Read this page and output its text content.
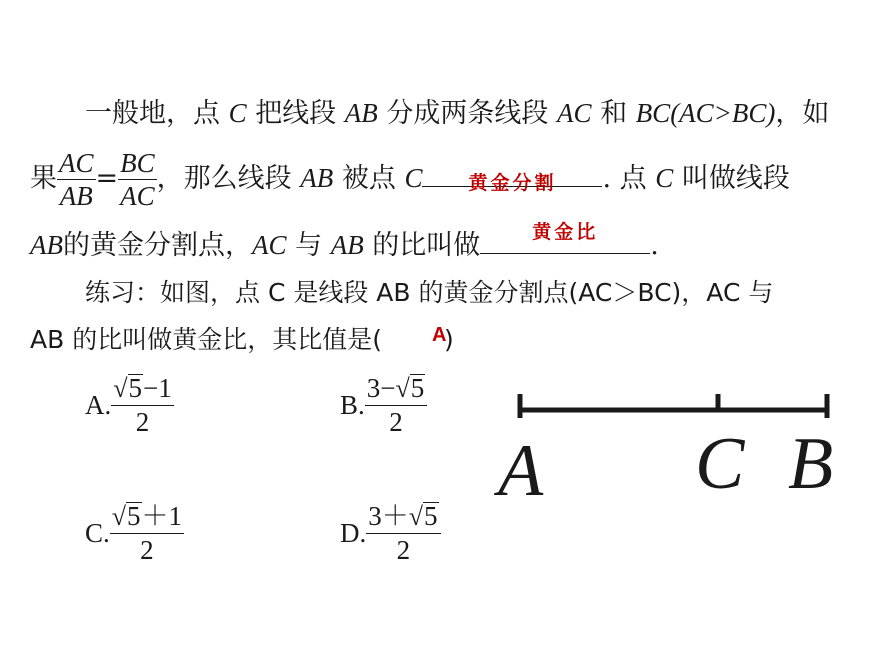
一般地，点 C 把线段 AB 分成两条线段 AC 和 BC(AC>BC)，如
果 $\frac{AC}{AB} = \frac{BC}{AC}$ ，那么线段 AB 被点 C	黄金分割	. 点 C 叫做线段
AB的黄金分割点，AC 与 AB 的比叫做	黄金比	.
练习：如图，点 C 是线段 AB 的黄金分割点(AC＞BC)，AC 与
AB 的比叫做黄金比，其比值是( )
A
A. $\frac{√5-1}{2}$	B. $\frac{3-√5}{2}$
C. $\frac{√5+1}{2}$	D. $\frac{3+√5}{2}$
A C B
